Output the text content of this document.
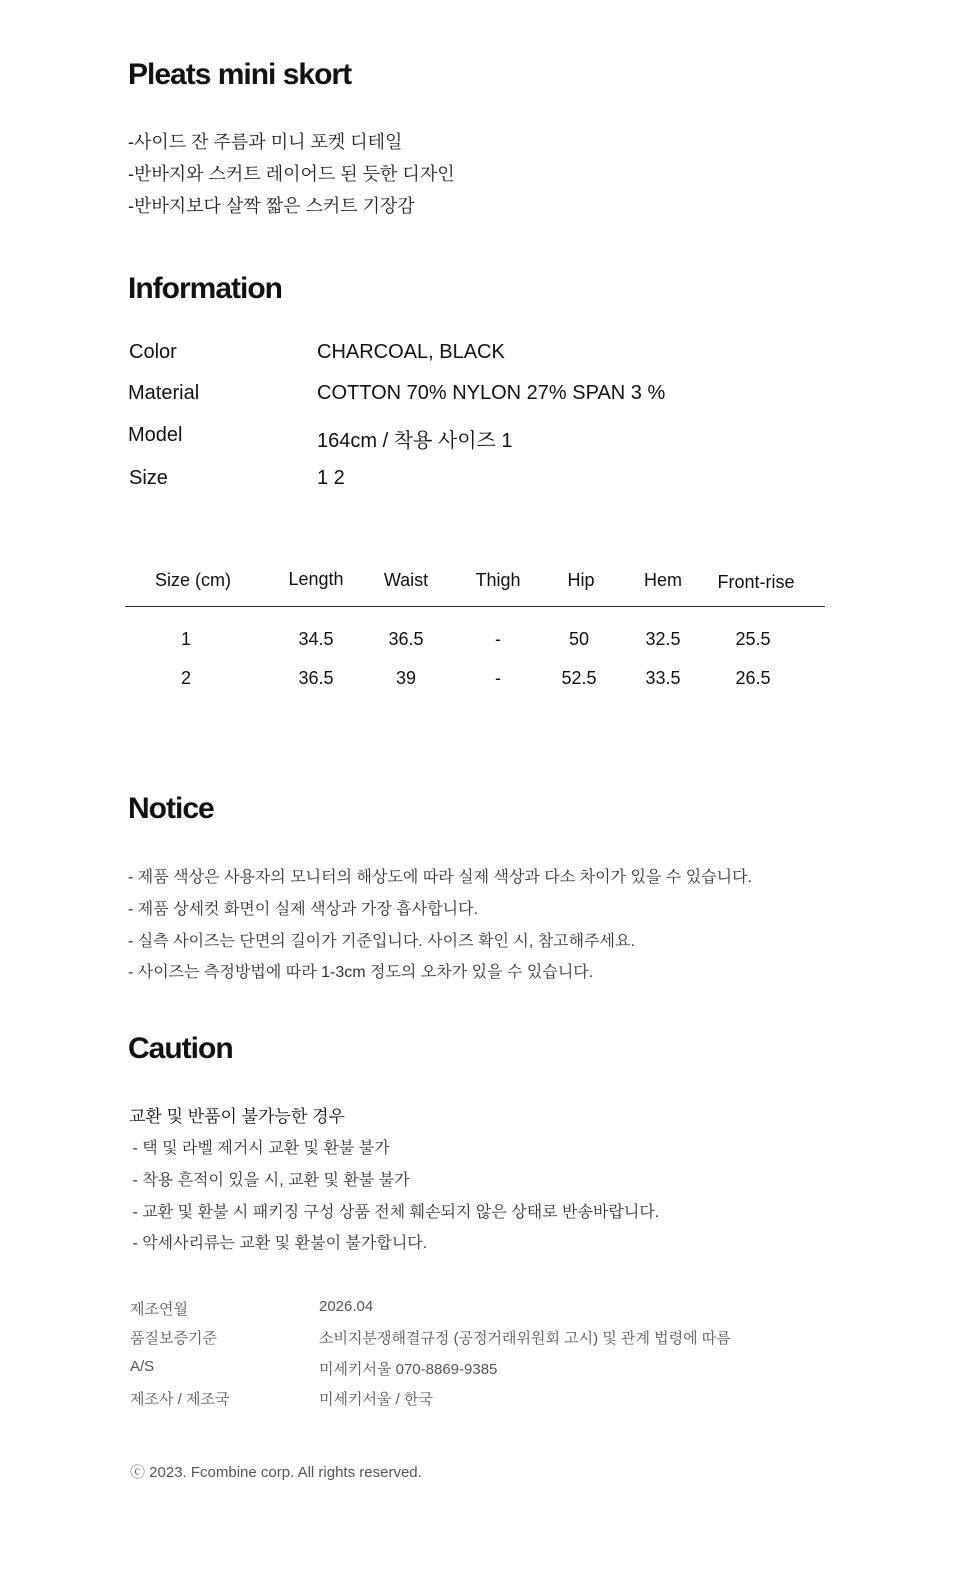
Pleats mini skort
-사이드 잔 주름과 미니 포켓 디테일
-반바지와 스커트 레이어드 된 듯한 디자인
-반바지보다 살짝 짧은 스커트 기장감
Information
Color	CHARCOAL, BLACK
Material	COTTON 70% NYLON 27% SPAN 3 %
Model	164cm / 착용 사이즈 1
Size	1 2
Size (cm)	Length	Waist	Thigh	Hip	Hem	Front-rise
1	34.5	36.5	-	50	32.5	25.5
2	36.5	39	-	52.5	33.5	26.5
Notice
- 제품 색상은 사용자의 모니터의 해상도에 따라 실제 색상과 다소 차이가 있을 수 있습니다.
- 제품 상세컷 화면이 실제 색상과 가장 흡사합니다.
- 실측 사이즈는 단면의 길이가 기준입니다. 사이즈 확인 시, 참고해주세요.
- 사이즈는 측정방법에 따라 1-3cm 정도의 오차가 있을 수 있습니다.
Caution
교환 및 반품이 불가능한 경우
- 택 및 라벨 제거시 교환 및 환불 불가
- 착용 흔적이 있을 시, 교환 및 환불 불가
- 교환 및 환불 시 패키징 구성 상품 전체 훼손되지 않은 상태로 반송바랍니다.
- 악세사리류는 교환 및 환불이 불가합니다.
제조연월	2026.04
품질보증기준	소비지분쟁해결규정 (공정거래위원회 고시) 및 관계 법령에 따름
A/S	미세키서울 070-8869-9385
제조사 / 제조국	미세키서울 / 한국
ⓒ 2023. Fcombine corp. All rights reserved.
